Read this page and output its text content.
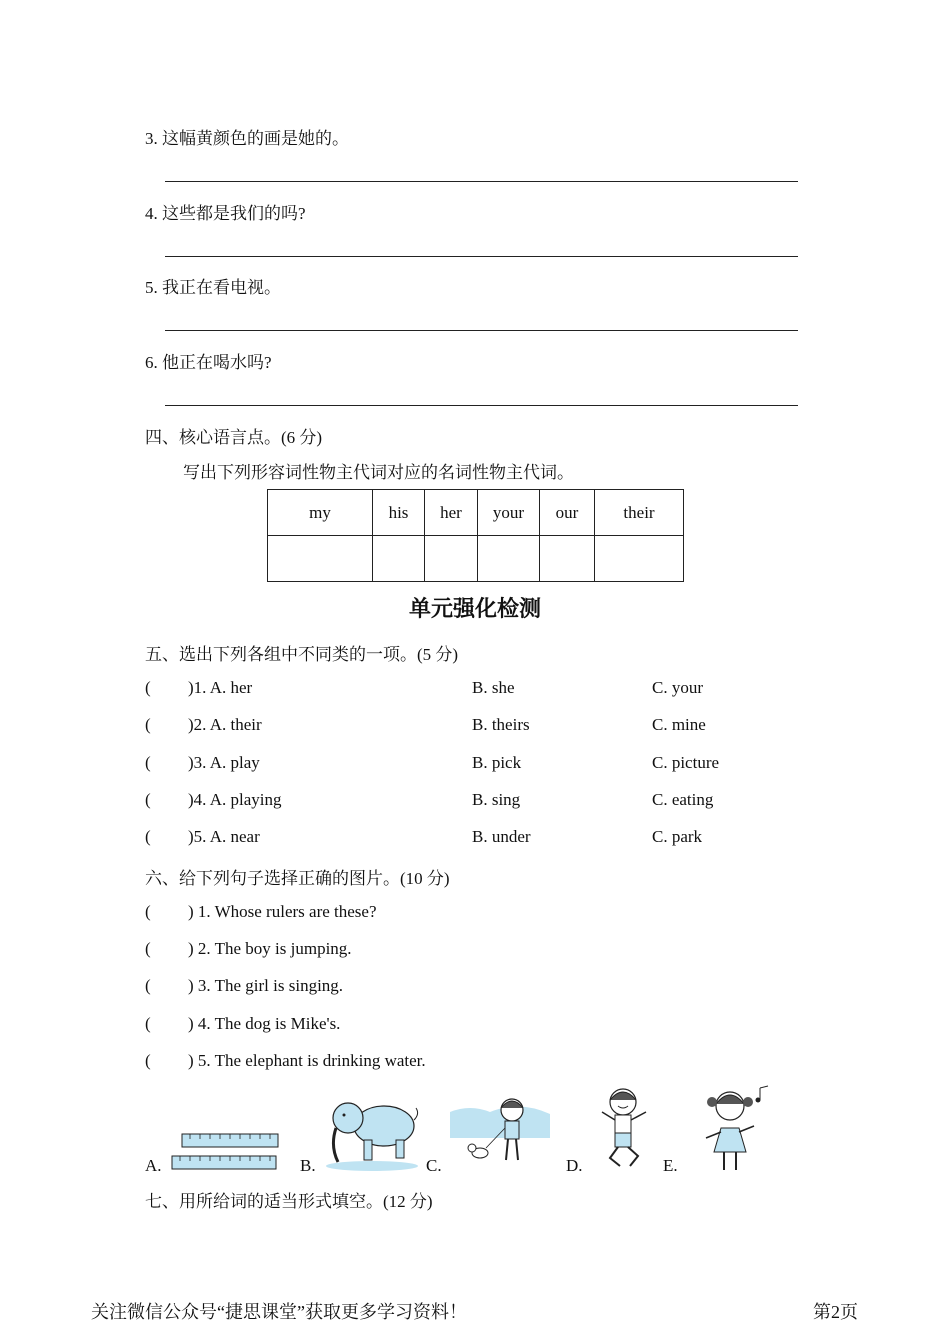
3. 这幅黄颜色的画是她的。
4. 这些都是我们的吗?
5. 我正在看电视。
6. 他正在喝水吗?
四、核心语言点。(6 分)
写出下列形容词性物主代词对应的名词性物主代词。
my	his	her	your	our	their

单元强化检测
五、选出下列各组中不同类的一项。(5 分)
( )1. A. her	B. she	C. your
( )2. A. their	B. theirs	C. mine
( )3. A. play	B. pick	C. picture
( )4. A. playing	B. sing	C. eating
( )5. A. near	B. under	C. park
六、给下列句子选择正确的图片。(10 分)
( ) 1. Whose rulers are these?
( ) 2. The boy is jumping.
( ) 3. The girl is singing.
( ) 4. The dog is Mike's.
( ) 5. The elephant is drinking water.
A.	B.	C.	D.	E.
七、用所给词的适当形式填空。(12 分)
关注微信公众号“捷思课堂”获取更多学习资料！	第2页
